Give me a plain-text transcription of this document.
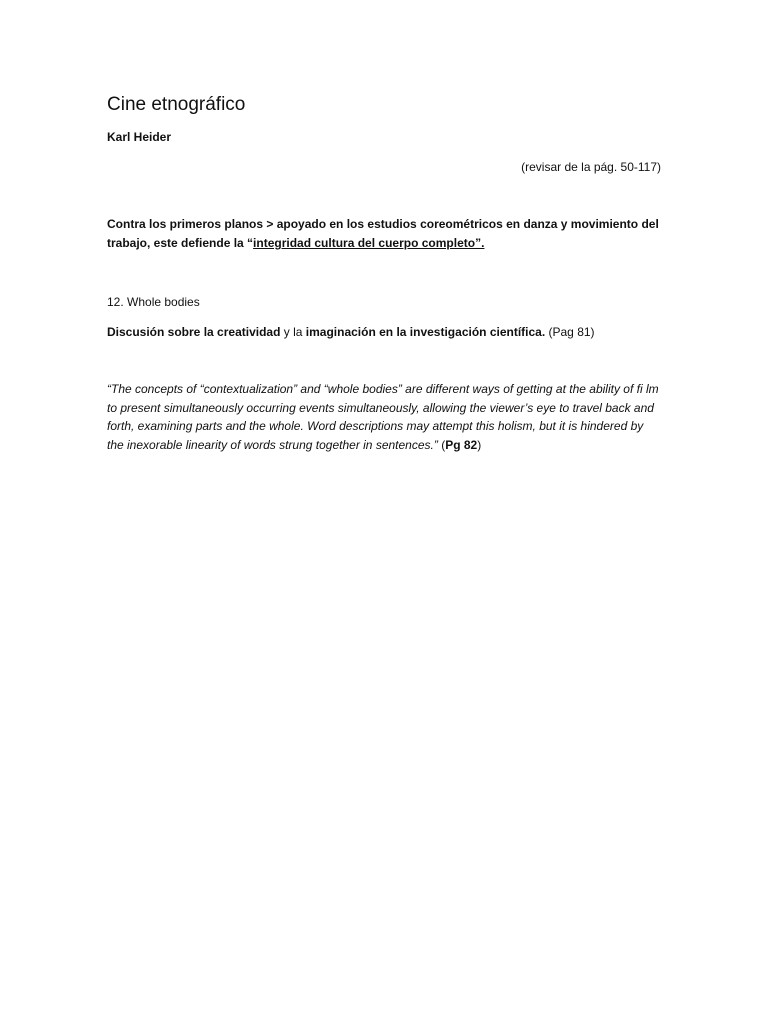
Cine etnográfico
Karl Heider
(revisar de la pág. 50-117)
Contra los primeros planos > apoyado en los estudios coreométricos en danza y movimiento del trabajo, este defiende la “integridad cultura del cuerpo completo”.
12. Whole bodies
Discusión sobre la creatividad y la imaginación en la investigación científica. (Pag 81)
“The concepts of “contextualization” and “whole bodies” are different ways of getting at the ability of fi lm to present simultaneously occurring events simultaneously, allowing the viewer’s eye to travel back and forth, examining parts and the whole. Word descriptions may attempt this holism, but it is hindered by the inexorable linearity of words strung together in sentences.” (Pg 82)
